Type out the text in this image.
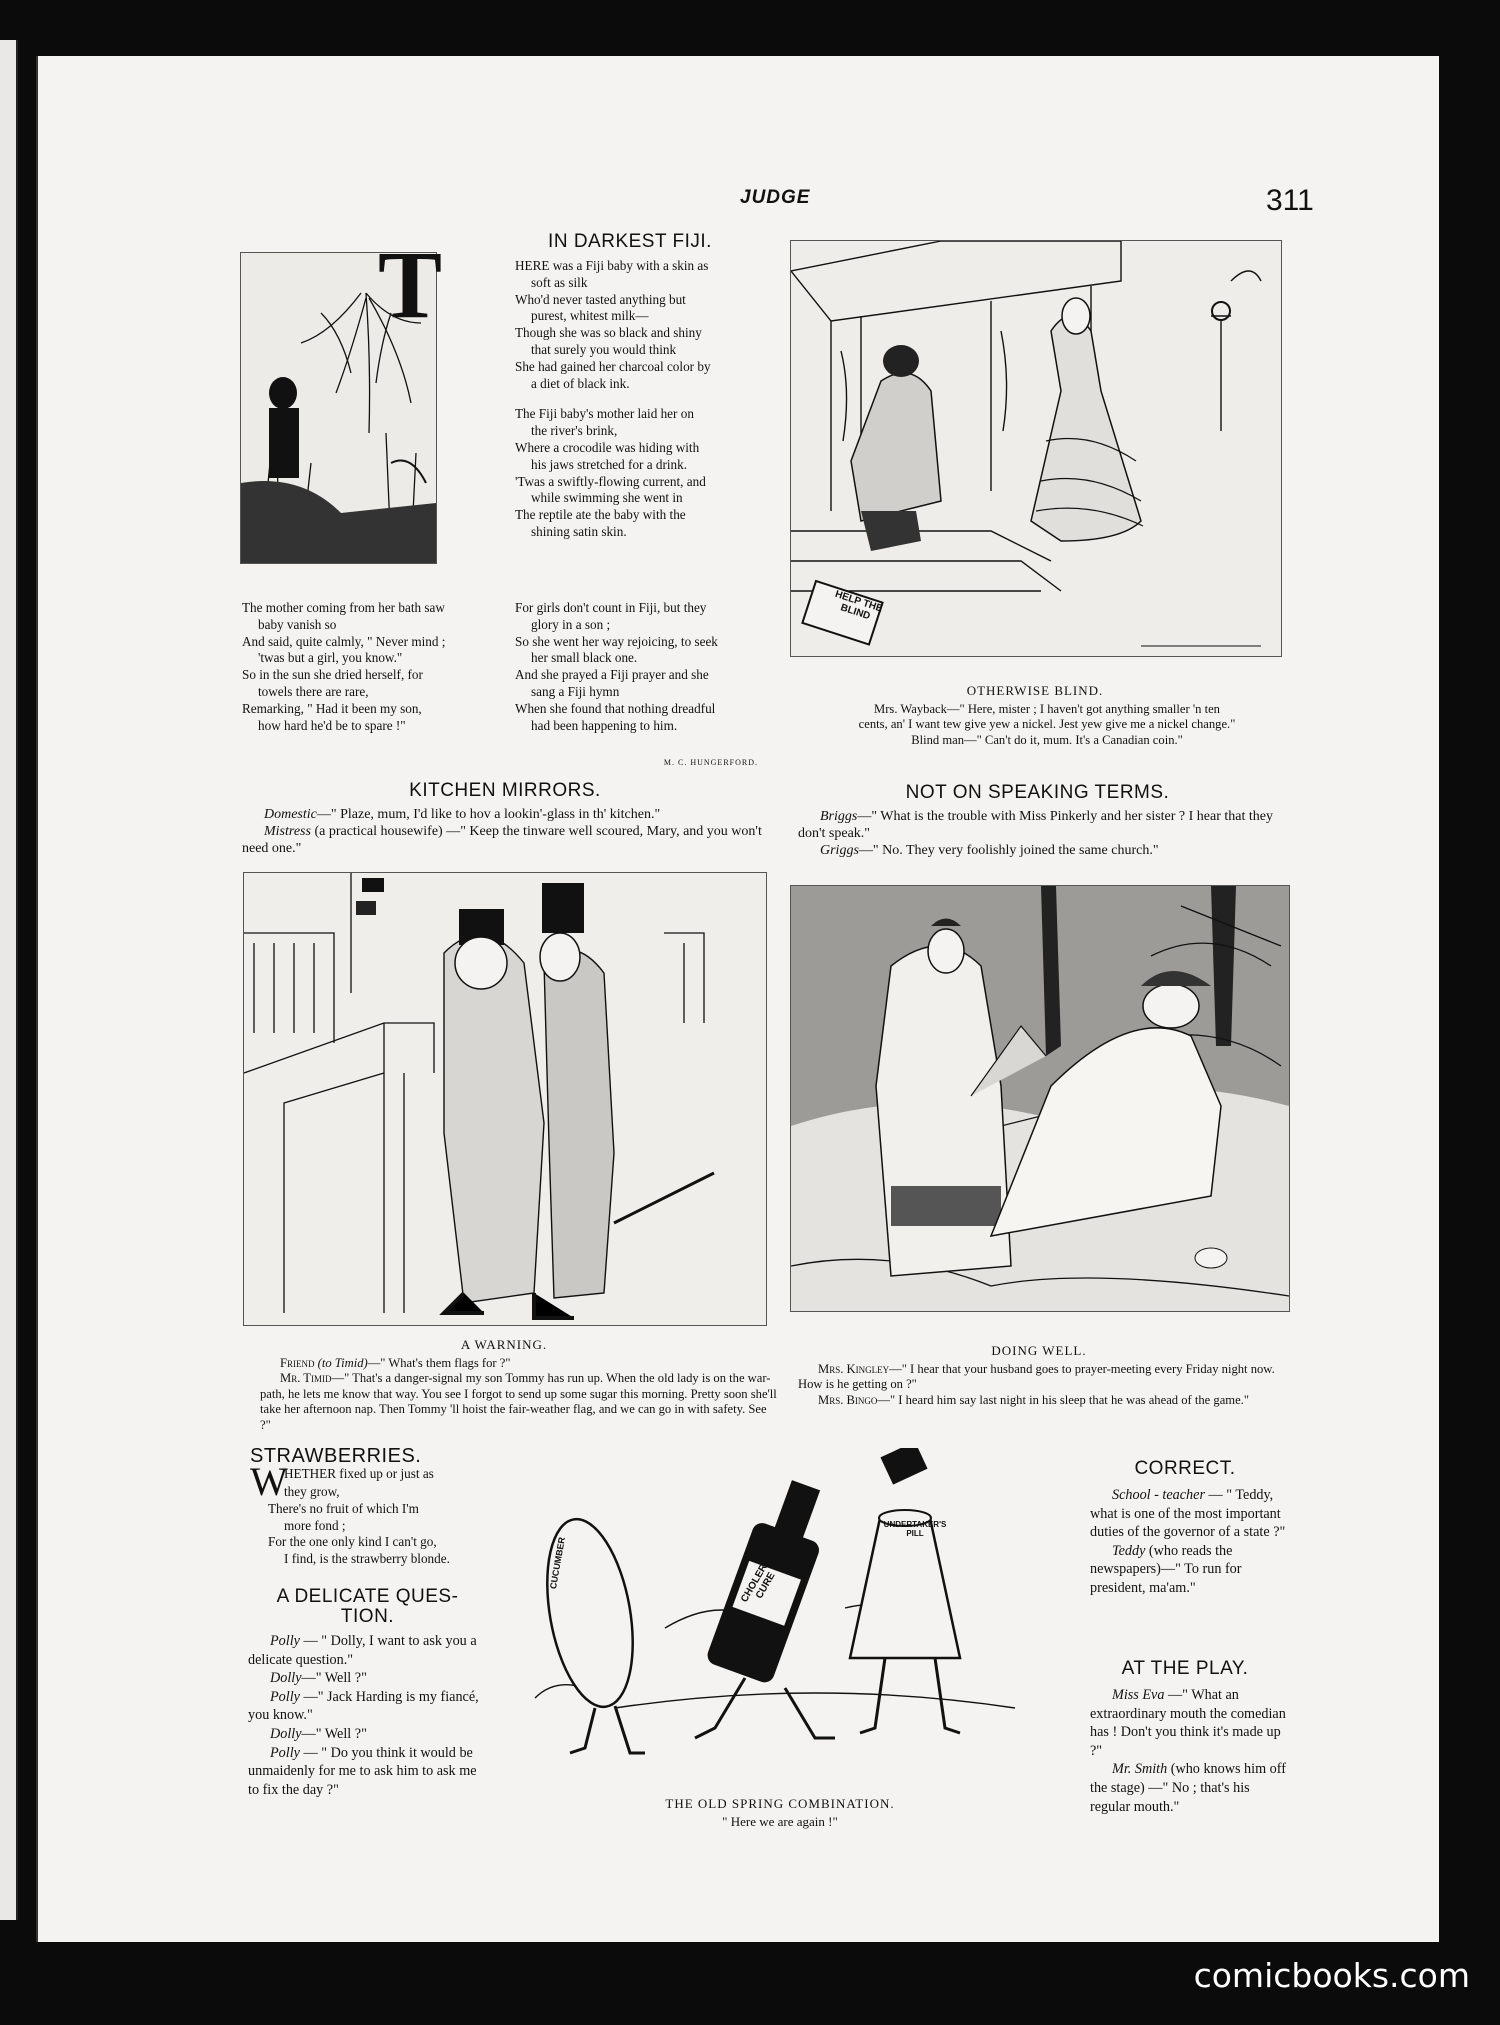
JUDGE	311
T	IN DARKEST FIJI.
HERE was a Fiji baby with a skin as
soft as silk
Who'd never tasted anything but
purest, whitest milk—
Though she was so black and shiny
that surely you would think
She had gained her charcoal color by
a diet of black ink.
The Fiji baby's mother laid her on
the river's brink,
Where a crocodile was hiding with
his jaws stretched for a drink.
'Twas a swiftly-flowing current, and
while swimming she went in
The reptile ate the baby with the
shining satin skin.
The mother coming from her bath saw
baby vanish so
And said, quite calmly, " Never mind ;
'twas but a girl, you know."
So in the sun she dried herself, for
towels there are rare,
Remarking, " Had it been my son,
how hard he'd be to spare !"
For girls don't count in Fiji, but they
glory in a son ;
So she went her way rejoicing, to seek
her small black one.
And she prayed a Fiji prayer and she
sang a Fiji hymn
When she found that nothing dreadful
had been happening to him.
M. C. HUNGERFORD.
HELP THE BLIND
OTHERWISE BLIND.
Mrs. Wayback—" Here, mister ; I haven't got anything smaller 'n ten
cents, an' I want tew give yew a nickel. Jest yew give me a nickel change."
Blind man—" Can't do it, mum. It's a Canadian coin."
KITCHEN MIRRORS.

Domestic—" Plaze, mum, I'd like to hov a lookin'-glass in th' kitchen."

Mistress (a practical housewife) —" Keep the tinware well scoured, Mary, and you won't need one."

NOT ON SPEAKING TERMS.

Briggs—" What is the trouble with Miss Pinkerly and her sister ? I hear that they don't speak."

Griggs—" No. They very foolishly joined the same church."

A WARNING.

Friend (to Timid)—" What's them flags for ?"

Mr. Timid—" That's a danger-signal my son Tommy has run up. When the old lady is on the war-path, he lets me know that way. You see I forgot to send up some sugar this morning. Pretty soon she'll take her afternoon nap. Then Tommy 'll hoist the fair-weather flag, and we can go in with safety. See ?"

DOING WELL.

Mrs. Kingley—" I hear that your husband goes to prayer-meeting every Friday night now. How is he getting on ?"

Mrs. Bingo—" I heard him say last night in his sleep that he was ahead of the game."

STRAWBERRIES.
W
HETHER fixed up or just as
they grow,
There's no fruit of which I'm
more fond ;
For the one only kind I can't go,
I find, is the strawberry blonde.
A DELICATE QUES-
TION.

Polly — " Dolly, I want to ask you a delicate question."

Dolly—" Well ?"

Polly —" Jack Harding is my fiancé, you know."

Dolly—" Well ?"

Polly — " Do you think it would be unmaidenly for me to ask him to ask me to fix the day ?"

CUCUMBER	CHOLERA CURE
UNDERTAKER'S PILL
THE OLD SPRING COMBINATION.
" Here we are again !"
CORRECT.

School - teacher — " Teddy, what is one of the most important duties of the governor of a state ?"

Teddy (who reads the newspapers)—" To run for president, ma'am."

AT THE PLAY.

Miss Eva —" What an extraordinary mouth the comedian has ! Don't you think it's made up ?"

Mr. Smith (who knows him off the stage) —" No ; that's his regular mouth."

comicbooks.com
